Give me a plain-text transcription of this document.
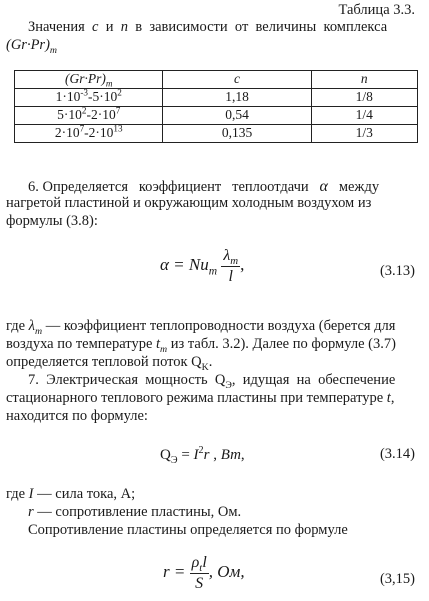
Таблица 3.3.
Значения  c  и  n  в  зависимости  от  величины  комплекса
$(Gr\cdot Pr)_m$
$(Gr\cdot Pr)_m$	c	n
$1\cdot 10^{-3}-5\cdot 10^2$	1,18	1/8
$5\cdot 10^2-2\cdot 10^7$	0,54	1/4
$2\cdot 10^7-2\cdot 10^{13}$	0,135	1/3
6. Определяется   коэффициент   теплоотдачи   α   между
нагретой пластиной и окружающим холодным воздухом из
формулы (3.8):
$\alpha = Nu_m \frac{\lambda_m}{l}$ ,	(3.13)
где $\lambda_m$ — коэффициент теплопроводности воздуха (берется для
воздуха по температуре $t_m$ из табл. 3.2). Далее по формуле (3.7)
определяется тепловой поток $Q_K$.
7.  Электрическая  мощность  $Q_Э$,  идущая  на  обеспечение
стационарного теплового режима пластины при температуре t,
находится по формуле:
$Q_Э = I^2r$ , Вт,	(3.14)
где I — сила тока, А;
r — сопротивление пластины, Ом.
Сопротивление пластины определяется по формуле
$r = \frac{\rho_tl}{S}$ , Ом,	(3,15)
